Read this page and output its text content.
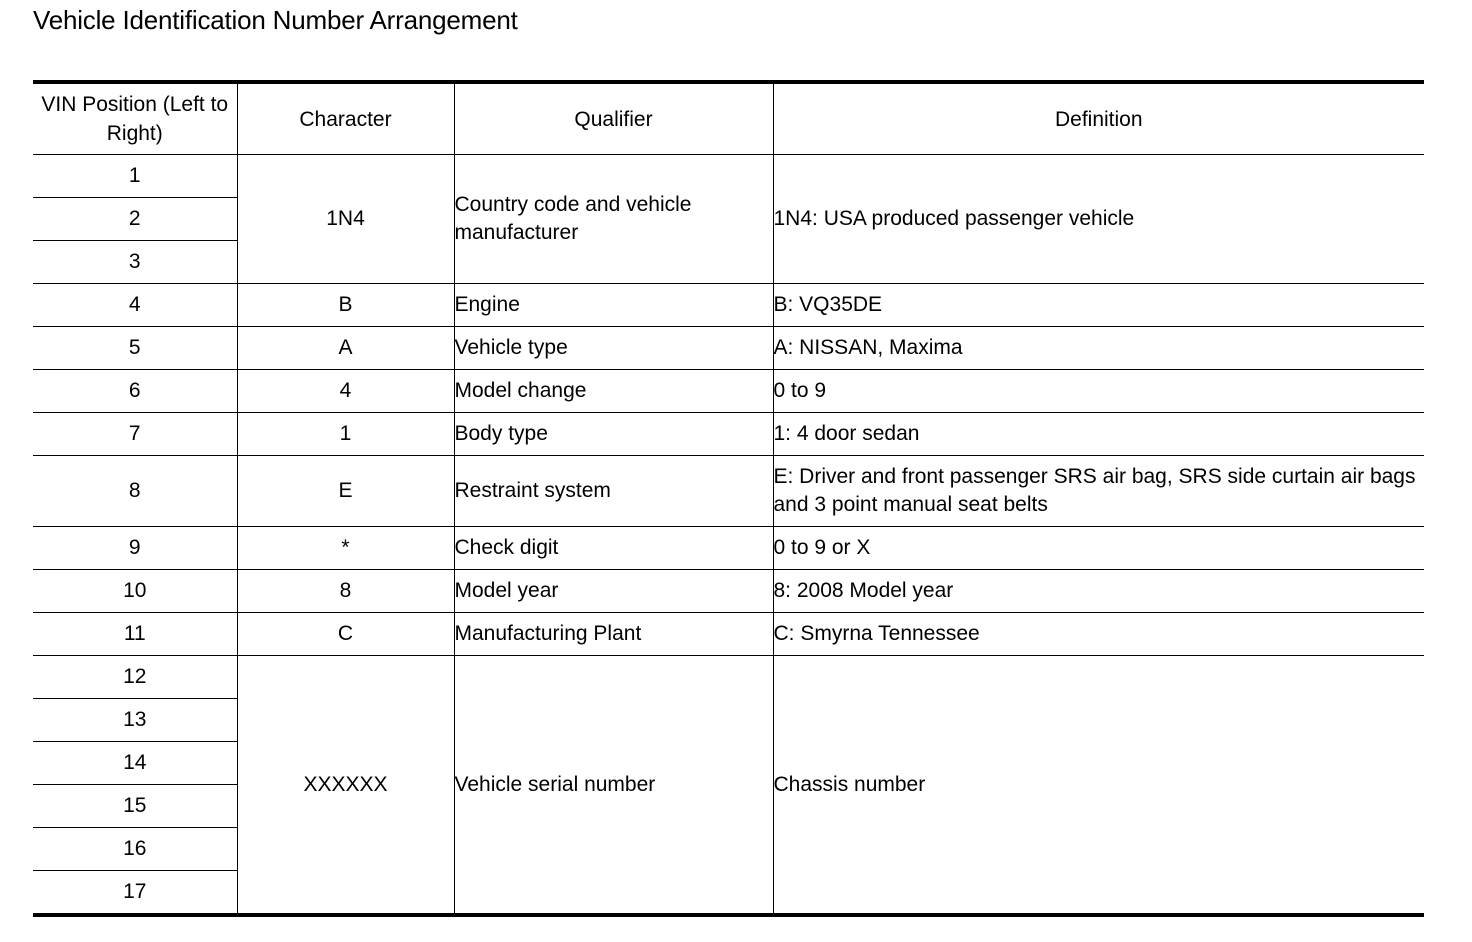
Vehicle Identification Number Arrangement
VIN Position (Left to Right)	Character	Qualifier	Definition
1	1N4	Country code and vehicle manufacturer	1N4: USA produced passenger vehicle
2			
3			
4	B	Engine	B: VQ35DE
5	A	Vehicle type	A: NISSAN, Maxima
6	4	Model change	0 to 9
7	1	Body type	1: 4 door sedan
8	E	Restraint system	E: Driver and front passenger SRS air bag, SRS side curtain air bags and 3 point manual seat belts
9	*	Check digit	0 to 9 or X
10	8	Model year	8: 2008 Model year
11	C	Manufacturing Plant	C: Smyrna Tennessee
12	XXXXXX	Vehicle serial number	Chassis number
13			
14			
15			
16			
17			
